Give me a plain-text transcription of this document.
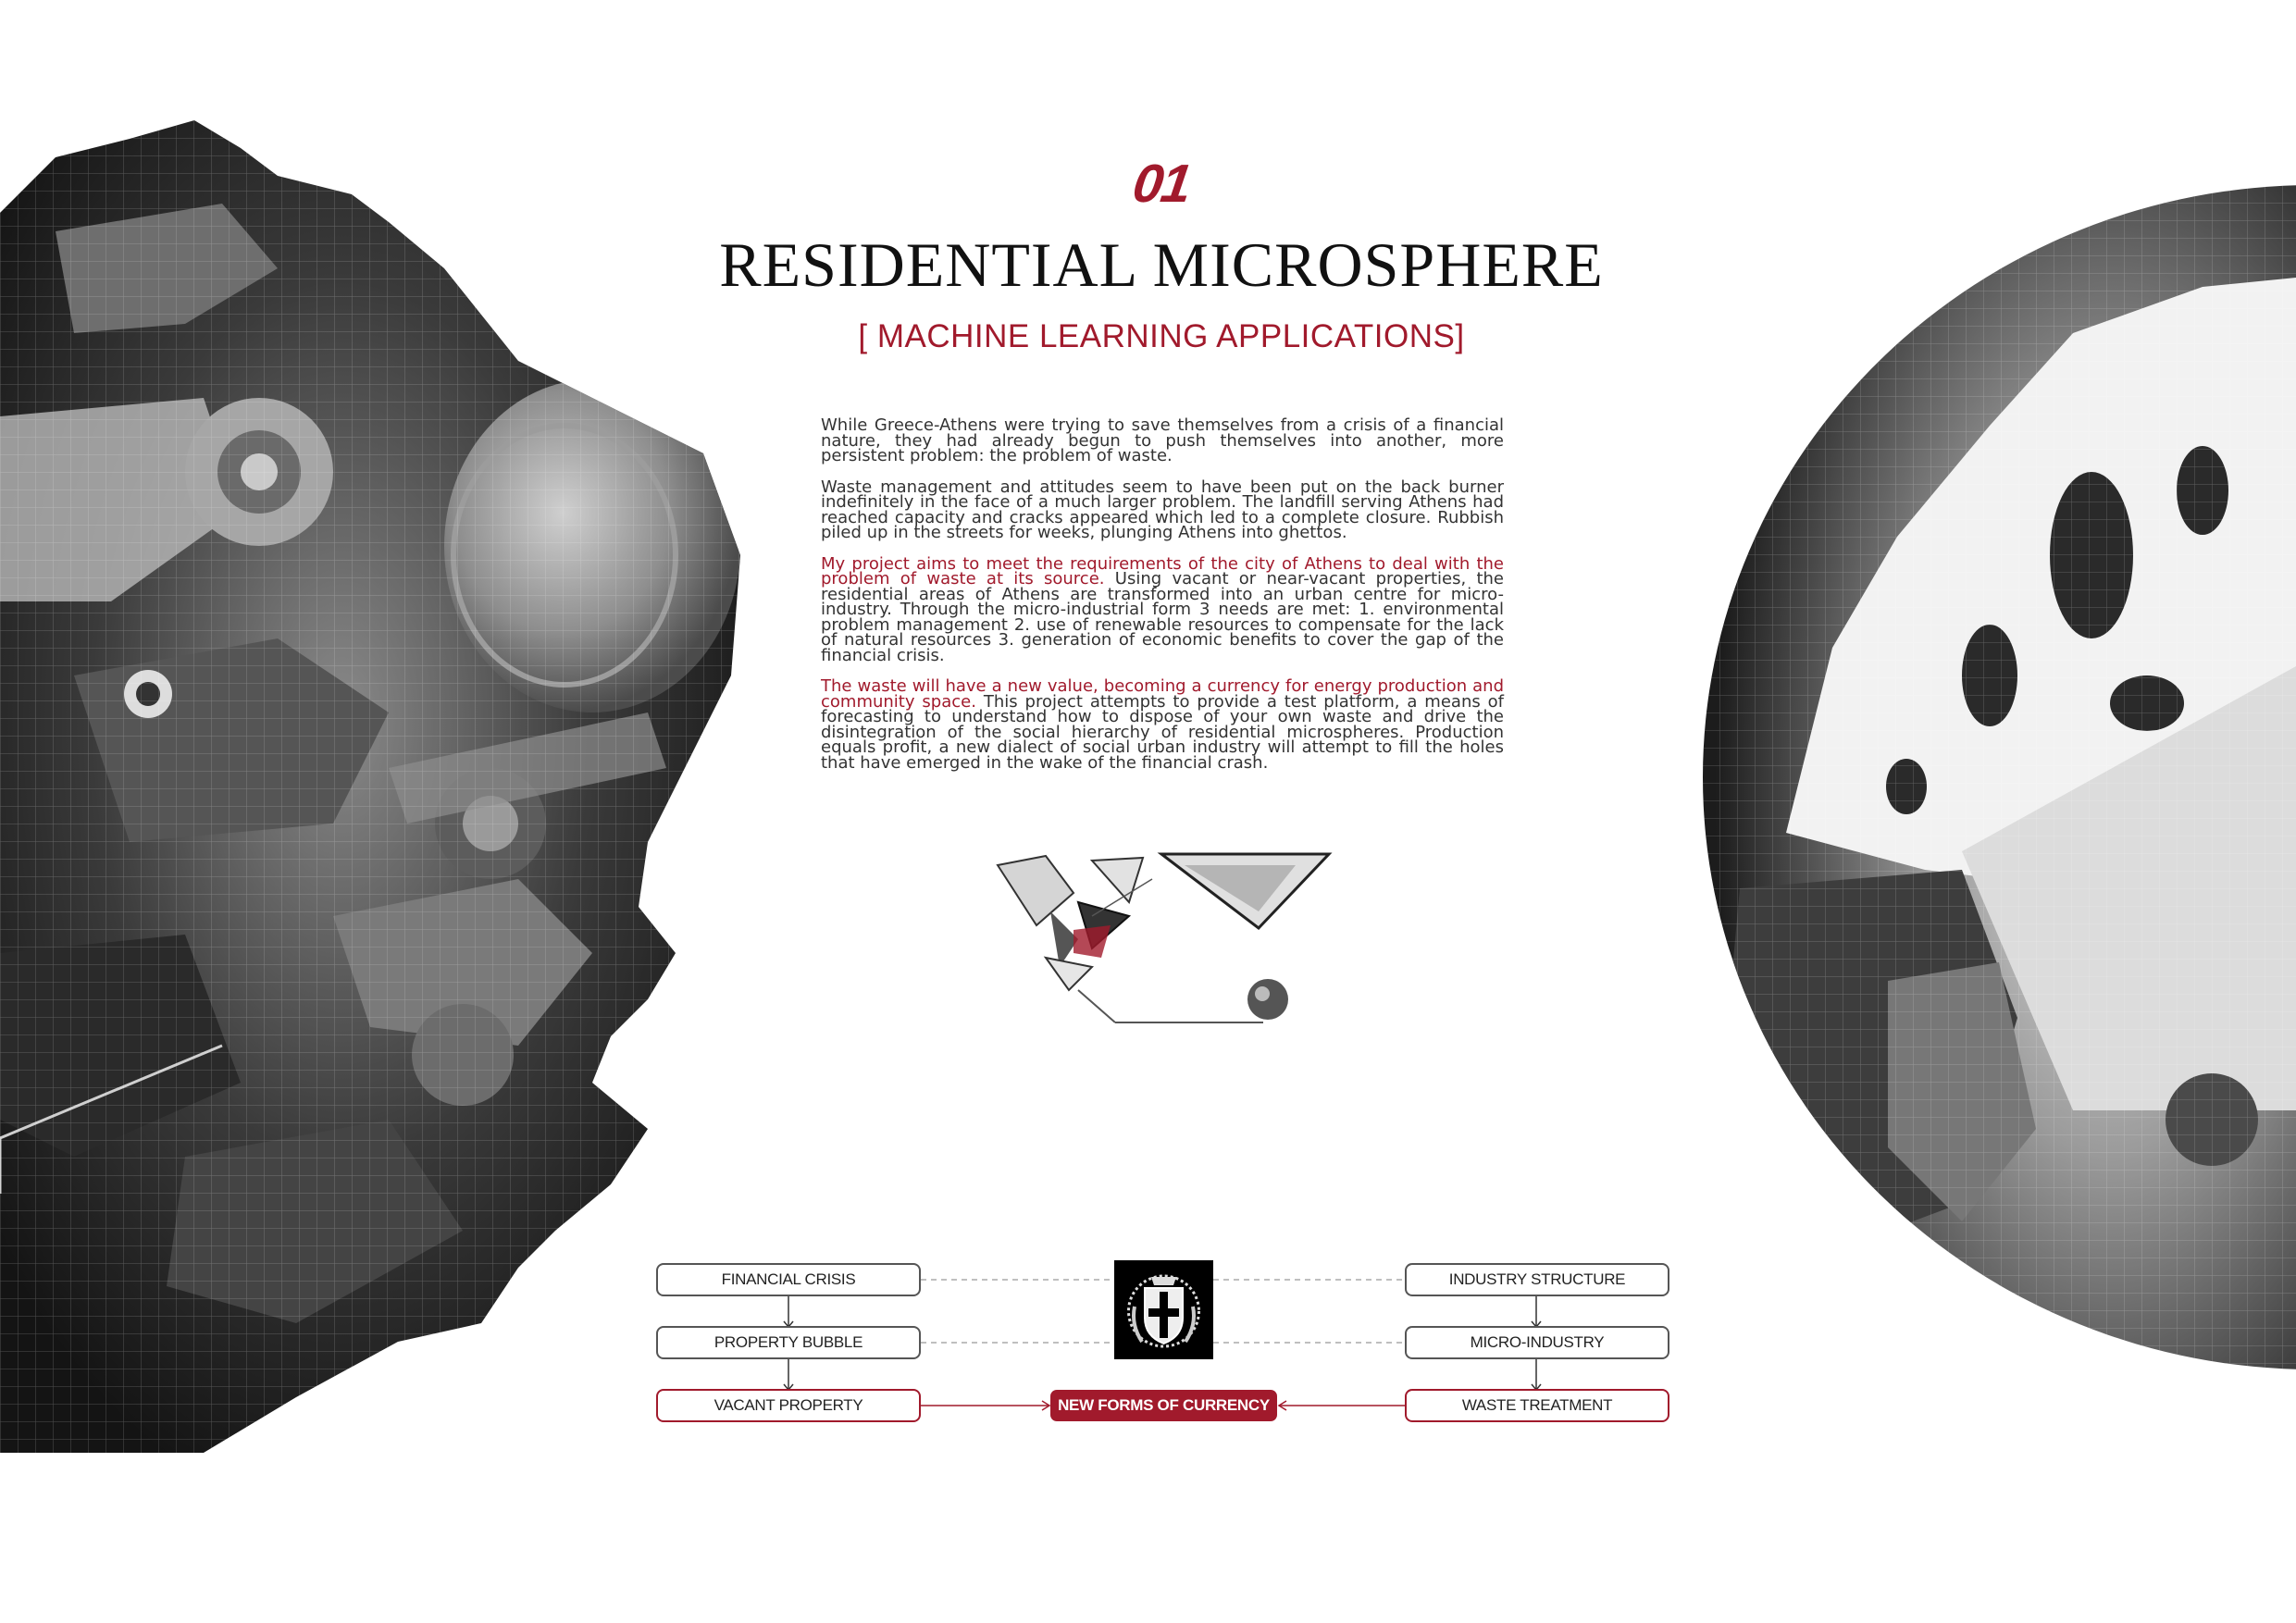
01
RESIDENTIAL MICROSPHERE
[ MACHINE LEARNING APPLICATIONS]

While Greece-Athens were trying to save themselves from a crisis of a financial nature, they had already begun to push themselves into another, more persistent problem: the problem of waste.

Waste management and attitudes seem to have been put on the back burner indefinitely in the face of a much larger problem. The landfill serving Athens had reached capacity and cracks appeared which led to a complete closure. Rubbish piled up in the streets for weeks, plunging Athens into ghettos.

My project aims to meet the requirements of the city of Athens to deal with the problem of waste at its source. Using vacant or near-vacant properties, the residential areas of Athens are transformed into an urban centre for micro-industry. Through the micro-industrial form 3 needs are met: 1. environmental problem management 2. use of renewable resources to compensate for the lack of natural resources 3. generation of economic benefits to cover the gap of the financial crisis.

The waste will have a new value, becoming a currency for energy production and community space. This project attempts to provide a test platform, a means of forecasting to understand how to dispose of your own waste and drive the disintegration of the social hierarchy of residential microspheres. Production equals profit, a new dialect of social urban industry will attempt to fill the holes that have emerged in the wake of the financial crash.

FINANCIAL CRISIS
PROPERTY BUBBLE
VACANT PROPERTY
INDUSTRY STRUCTURE
MICRO-INDUSTRY
WASTE TREATMENT
NEW FORMS OF CURRENCY
